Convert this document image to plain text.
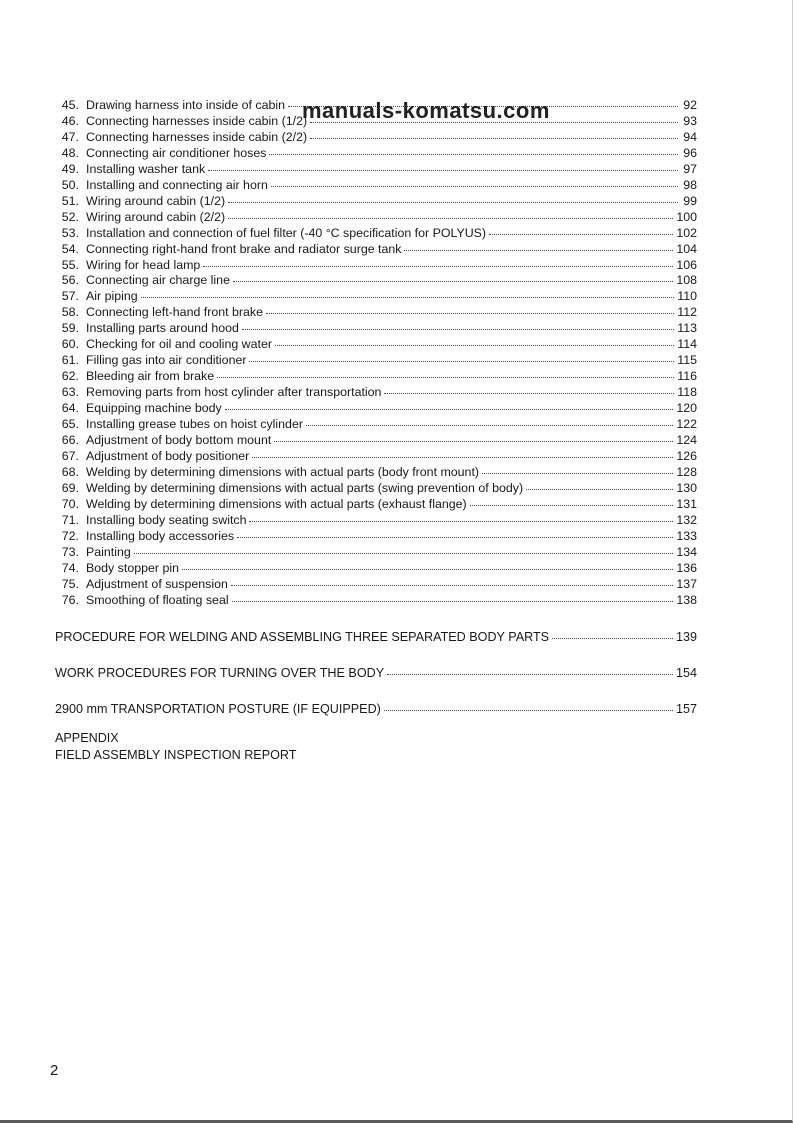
manuals-komatsu.com
45. Drawing harness into inside of cabin	92
46. Connecting harnesses inside cabin (1/2)	93
47. Connecting harnesses inside cabin (2/2)	94
48. Connecting air conditioner hoses	96
49. Installing washer tank	97
50. Installing and connecting air horn	98
51. Wiring around cabin (1/2)	99
52. Wiring around cabin (2/2)	100
53. Installation and connection of fuel filter (-40 °C specification for POLYUS)	102
54. Connecting right-hand front brake and radiator surge tank	104
55. Wiring for head lamp	106
56. Connecting air charge line	108
57. Air piping	110
58. Connecting left-hand front brake	112
59. Installing parts around hood	113
60. Checking for oil and cooling water	114
61. Filling gas into air conditioner	115
62. Bleeding air from brake	116
63. Removing parts from host cylinder after transportation	118
64. Equipping machine body	120
65. Installing grease tubes on hoist cylinder	122
66. Adjustment of body bottom mount	124
67. Adjustment of body positioner	126
68. Welding by determining dimensions with actual parts (body front mount)	128
69. Welding by determining dimensions with actual parts (swing prevention of body)	130
70. Welding by determining dimensions with actual parts (exhaust flange)	131
71. Installing body seating switch	132
72. Installing body accessories	133
73. Painting	134
74. Body stopper pin	136
75. Adjustment of suspension	137
76. Smoothing of floating seal	138
PROCEDURE FOR WELDING AND ASSEMBLING THREE SEPARATED BODY PARTS	139
WORK PROCEDURES FOR TURNING OVER THE BODY	154
2900 mm TRANSPORTATION POSTURE (IF EQUIPPED)	157
APPENDIX
FIELD ASSEMBLY INSPECTION REPORT
2
